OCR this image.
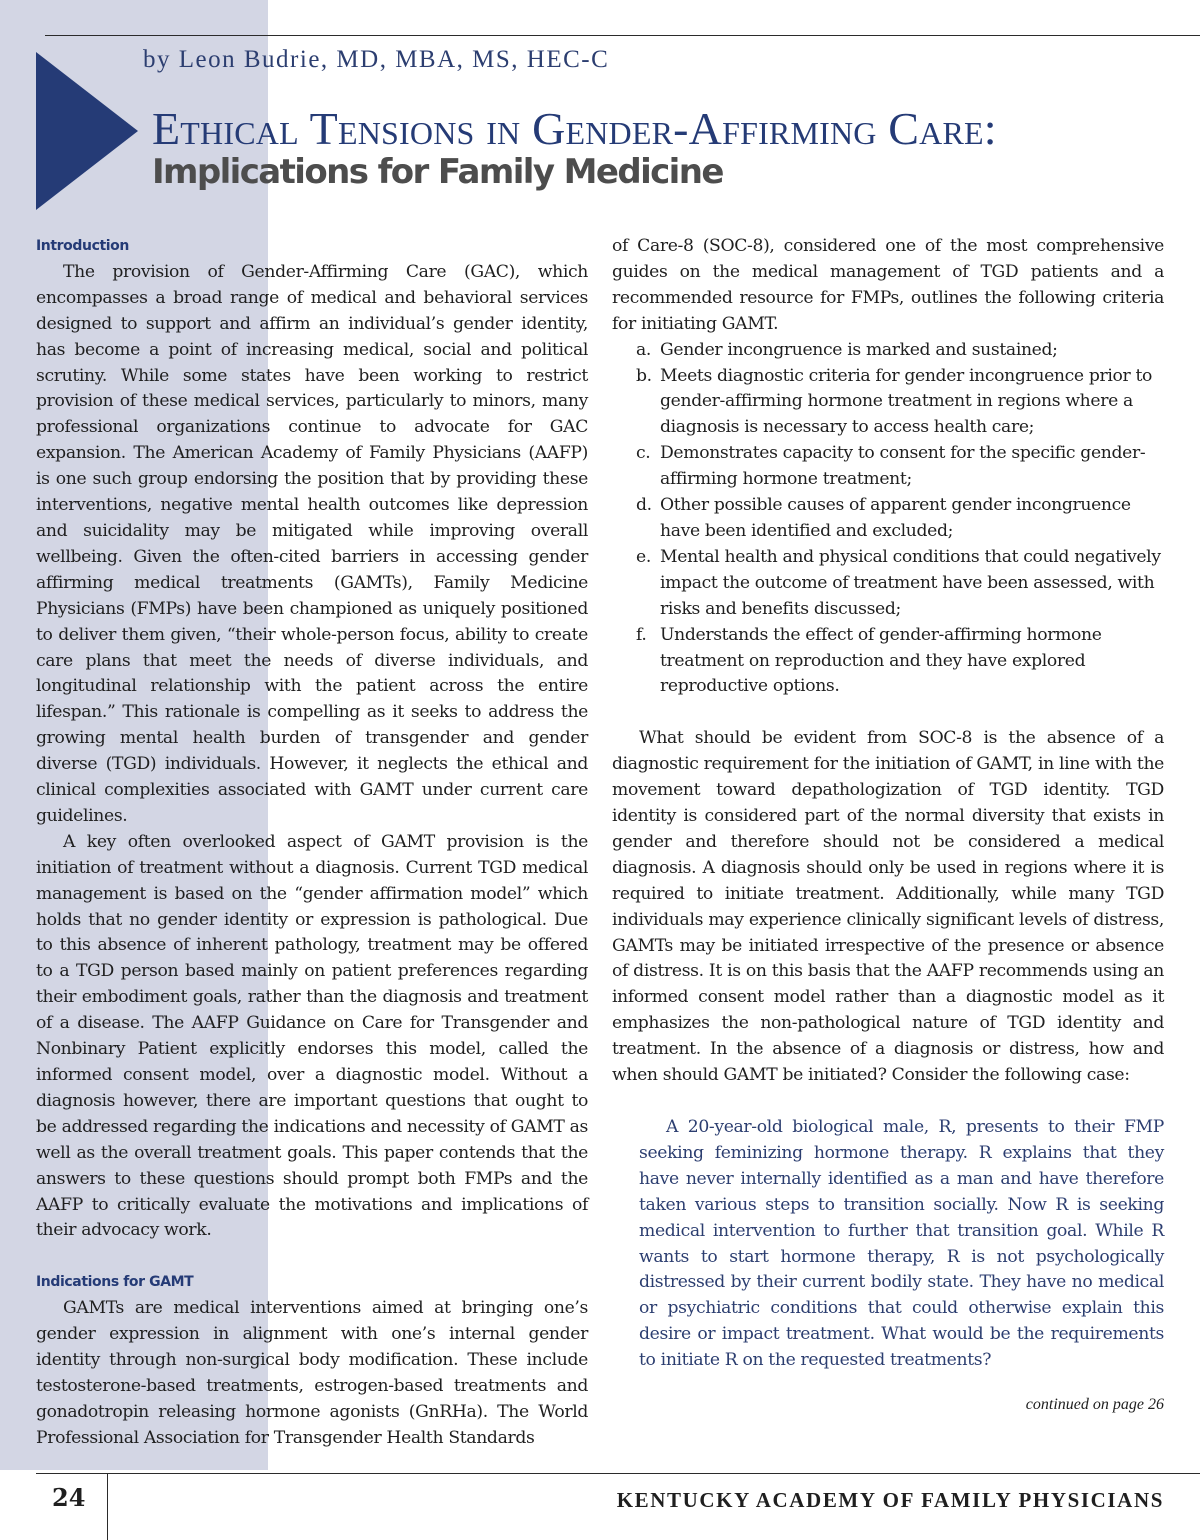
by Leon Budrie, MD, MBA, MS, HEC-C
Ethical Tensions in Gender-Affirming Care:
Implications for Family Medicine
Introduction

The provision of Gender-Affirming Care (GAC), which encompasses a broad range of medical and behavioral services designed to support and affirm an individual’s gender identity, has become a point of increasing medical, social and political scrutiny. While some states have been working to restrict provision of these medical services, particularly to minors, many professional organizations continue to advocate for GAC expansion. The American Academy of Family Physicians (AAFP) is one such group endorsing the position that by providing these interventions, negative mental health outcomes like depression and suicidality may be mitigated while improving overall wellbeing. Given the often-cited barriers in accessing gender affirming medical treatments (GAMTs), Family Medicine Physicians (FMPs) have been championed as uniquely positioned to deliver them given, “their whole-person focus, ability to create care plans that meet the needs of diverse individuals, and longitudinal relationship with the patient across the entire lifespan.” This rationale is compelling as it seeks to address the growing mental health burden of transgender and gender diverse (TGD) individuals. However, it neglects the ethical and clinical complexities associated with GAMT under current care guidelines.

A key often overlooked aspect of GAMT provision is the initiation of treatment without a diagnosis. Current TGD medical management is based on the “gender affirmation model” which holds that no gender identity or expression is pathological. Due to this absence of inherent pathology, treatment may be offered to a TGD person based mainly on patient preferences regarding their embodiment goals, rather than the diagnosis and treatment of a disease. The AAFP Guidance on Care for Transgender and Nonbinary Patient explicitly endorses this model, called the informed consent model, over a diagnostic model. Without a diagnosis however, there are important questions that ought to be addressed regarding the indications and necessity of GAMT as well as the overall treatment goals. This paper contends that the answers to these questions should prompt both FMPs and the AAFP to critically evaluate the motivations and implications of their advocacy work.

Indications for GAMT

GAMTs are medical interventions aimed at bringing one’s gender expression in alignment with one’s internal gender identity through non-surgical body modification. These include testosterone-based treatments, estrogen-based treatments and gonadotropin releasing hormone agonists (GnRHa). The World Professional Association for Transgender Health Standards

of Care-8 (SOC-8), considered one of the most comprehensive guides on the medical management of TGD patients and a recommended resource for FMPs, outlines the following criteria for initiating GAMT.

a. Gender incongruence is marked and sustained;
b. Meets diagnostic criteria for gender incongruence prior to gender-affirming hormone treatment in regions where a diagnosis is necessary to access health care;
c. Demonstrates capacity to consent for the specific gender-affirming hormone treatment;
d. Other possible causes of apparent gender incongruence have been identified and excluded;
e. Mental health and physical conditions that could negatively impact the outcome of treatment have been assessed, with risks and benefits discussed;
f. Understands the effect of gender-affirming hormone treatment on reproduction and they have explored reproductive options.

What should be evident from SOC-8 is the absence of a diagnostic requirement for the initiation of GAMT, in line with the movement toward depathologization of TGD identity. TGD identity is considered part of the normal diversity that exists in gender and therefore should not be considered a medical diagnosis. A diagnosis should only be used in regions where it is required to initiate treatment. Additionally, while many TGD individuals may experience clinically significant levels of distress, GAMTs may be initiated irrespective of the presence or absence of distress. It is on this basis that the AAFP recommends using an informed consent model rather than a diagnostic model as it emphasizes the non-pathological nature of TGD identity and treatment. In the absence of a diagnosis or distress, how and when should GAMT be initiated? Consider the following case:

A 20-year-old biological male, R, presents to their FMP seeking feminizing hormone therapy. R explains that they have never internally identified as a man and have therefore taken various steps to transition socially. Now R is seeking medical intervention to further that transition goal. While R wants to start hormone therapy, R is not psychologically distressed by their current bodily state. They have no medical or psychiatric conditions that could otherwise explain this desire or impact treatment. What would be the requirements to initiate R on the requested treatments?

continued on page 26
24	KENTUCKY ACADEMY OF FAMILY PHYSICIANS
